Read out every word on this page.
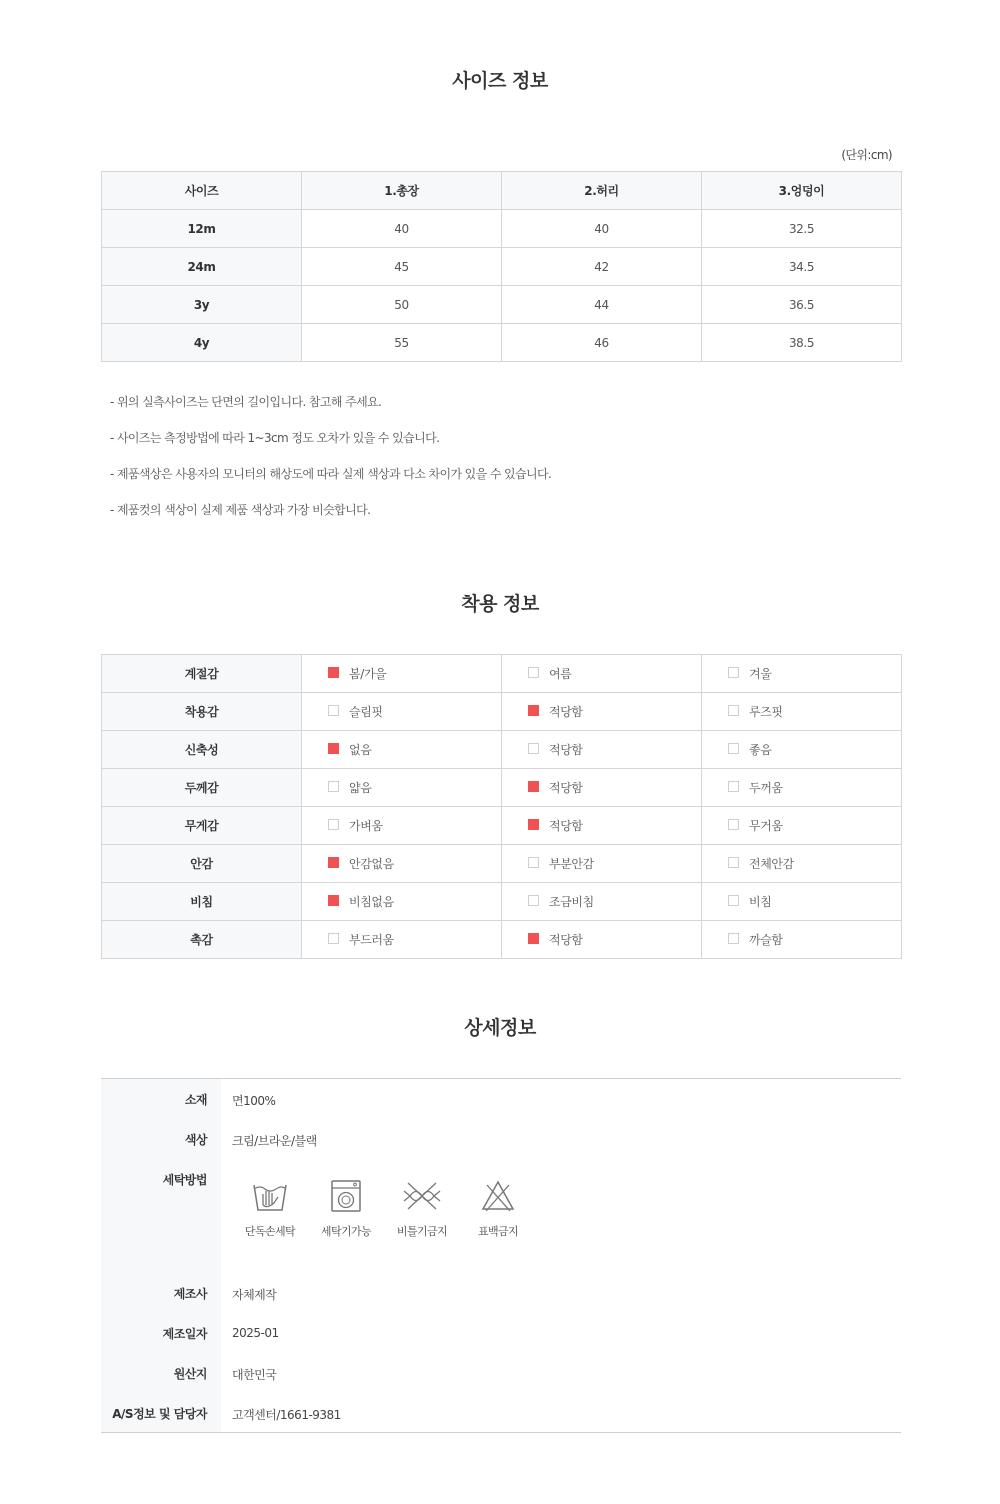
사이즈 정보
(단위:cm)
사이즈	1.총장	2.허리	3.엉덩이
12m	40	40	32.5
24m	45	42	34.5
3y	50	44	36.5
4y	55	46	38.5
- 위의 실측사이즈는 단면의 길이입니다. 참고해 주세요.
- 사이즈는 측정방법에 따라 1~3cm 정도 오차가 있을 수 있습니다.
- 제품색상은 사용자의 모니터의 해상도에 따라 실제 색상과 다소 차이가 있을 수 있습니다.
- 제품컷의 색상이 실제 제품 색상과 가장 비슷합니다.
착용 정보
계절감	봄/가을	여름	겨울
착용감	슬림핏	적당함	루즈핏
신축성	없음	적당함	좋음
두께감	얇음	적당함	두꺼움
무게감	가벼움	적당함	무거움
안감	안감없음	부분안감	전체안감
비침	비침없음	조금비침	비침
촉감	부드러움	적당함	까슬함
상세정보
소재	면100%
색상	크림/브라운/블랙
세탁방법	단독손세탁 세탁기가능 비틀기금지 표백금지

제조사	자체제작
제조일자	2025-01
원산지	대한민국
A/S정보 및 담당자	고객센터/1661-9381
